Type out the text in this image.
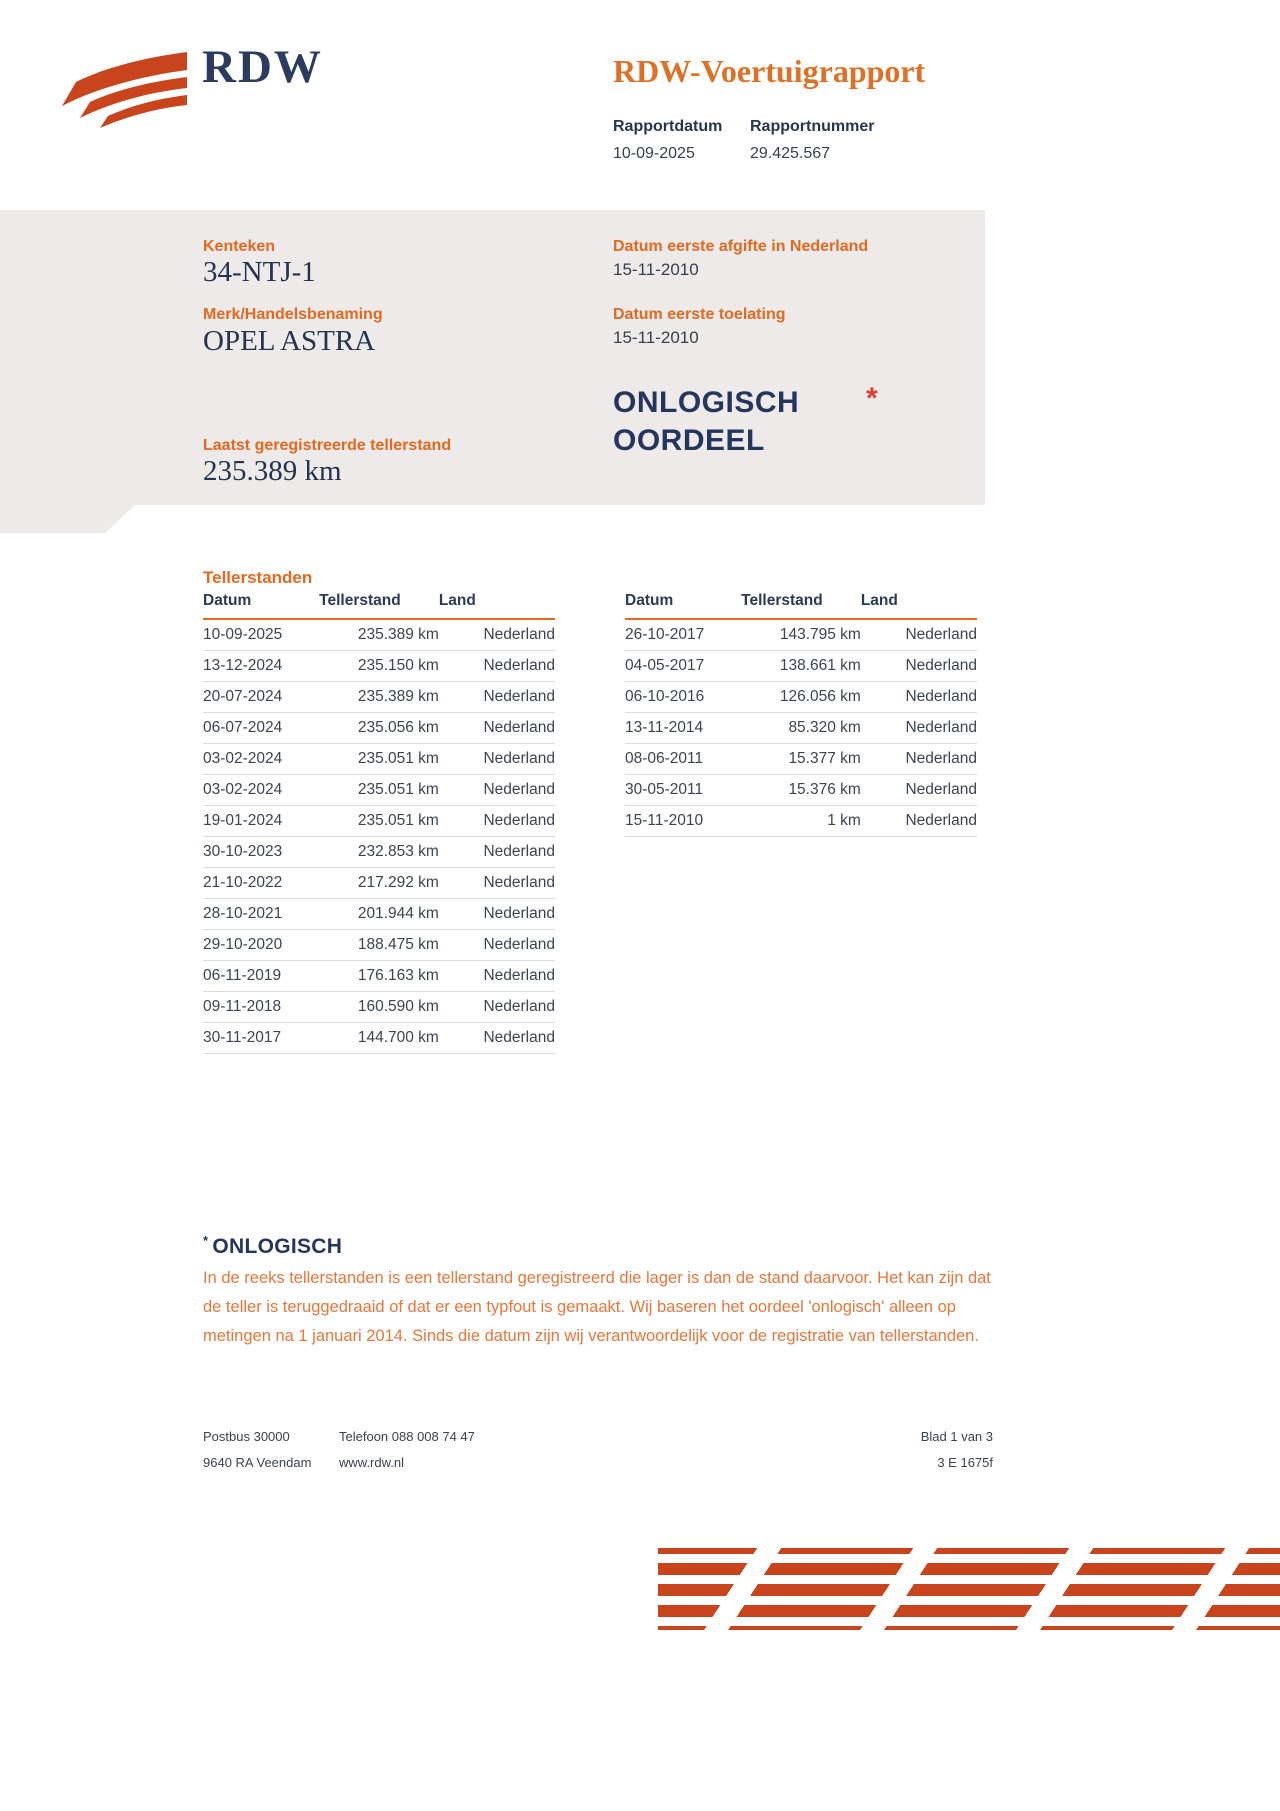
RDW	RDW-Voertuigrapport
Rapportdatum Rapportnummer
10-09-2025	29.425.567
Kenteken
34-NTJ-1
Merk/Handelsbenaming
OPEL ASTRA
Laatst geregistreerde tellerstand
235.389 km
Datum eerste afgifte in Nederland
15-11-2010
Datum eerste toelating
15-11-2010
ONLOGISCH
OORDEEL
*
Tellerstanden
Datum	Tellerstand	Land
10-09-2025	235.389 km	Nederland
13-12-2024	235.150 km	Nederland
20-07-2024	235.389 km	Nederland
06-07-2024	235.056 km	Nederland
03-02-2024	235.051 km	Nederland
03-02-2024	235.051 km	Nederland
19-01-2024	235.051 km	Nederland
30-10-2023	232.853 km	Nederland
21-10-2022	217.292 km	Nederland
28-10-2021	201.944 km	Nederland
29-10-2020	188.475 km	Nederland
06-11-2019	176.163 km	Nederland
09-11-2018	160.590 km	Nederland
30-11-2017	144.700 km	Nederland
Datum	Tellerstand	Land
26-10-2017	143.795 km	Nederland
04-05-2017	138.661 km	Nederland
06-10-2016	126.056 km	Nederland
13-11-2014	85.320 km	Nederland
08-06-2011	15.377 km	Nederland
30-05-2011	15.376 km	Nederland
15-11-2010	1 km	Nederland
* ONLOGISCH
In de reeks tellerstanden is een tellerstand geregistreerd die lager is dan de stand daarvoor. Het kan zijn dat de teller is teruggedraaid of dat er een typfout is gemaakt. Wij baseren het oordeel 'onlogisch' alleen op metingen na 1 januari 2014. Sinds die datum zijn wij verantwoordelijk voor de registratie van tellerstanden.
Postbus 30000
9640 RA Veendam
Telefoon 088 008 74 47
www.rdw.nl
Blad 1 van 3
3 E 1675f
